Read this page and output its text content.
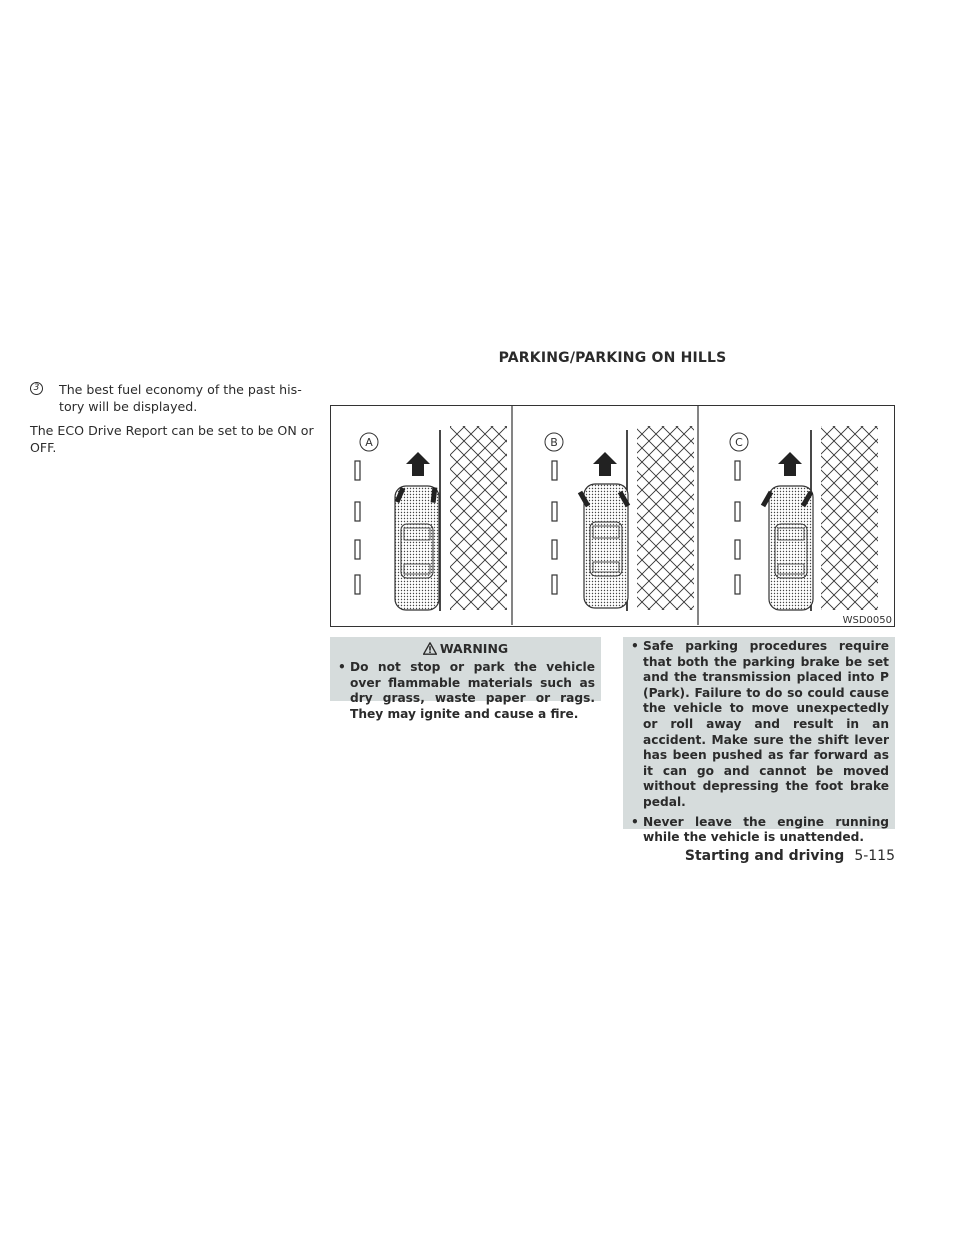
PARKING/PARKING ON HILLS
3 The best fuel economy of the past his-
tory will be displayed.
The ECO Drive Report can be set to be ON or OFF.	A	B	C
WSD0050
WARNING
• Do not stop or park the vehicle over flammable materials such as dry grass, waste paper or rags. They may ignite and cause a fire.
• Safe parking procedures require that both the parking brake be set and the transmission placed into P (Park). Failure to do so could cause the vehicle to move unexpectedly or roll away and result in an accident. Make sure the shift lever has been pushed as far forward as it can go and cannot be moved without depressing the foot brake pedal.
• Never leave the engine running while the vehicle is unattended.
Starting and driving 5-115
